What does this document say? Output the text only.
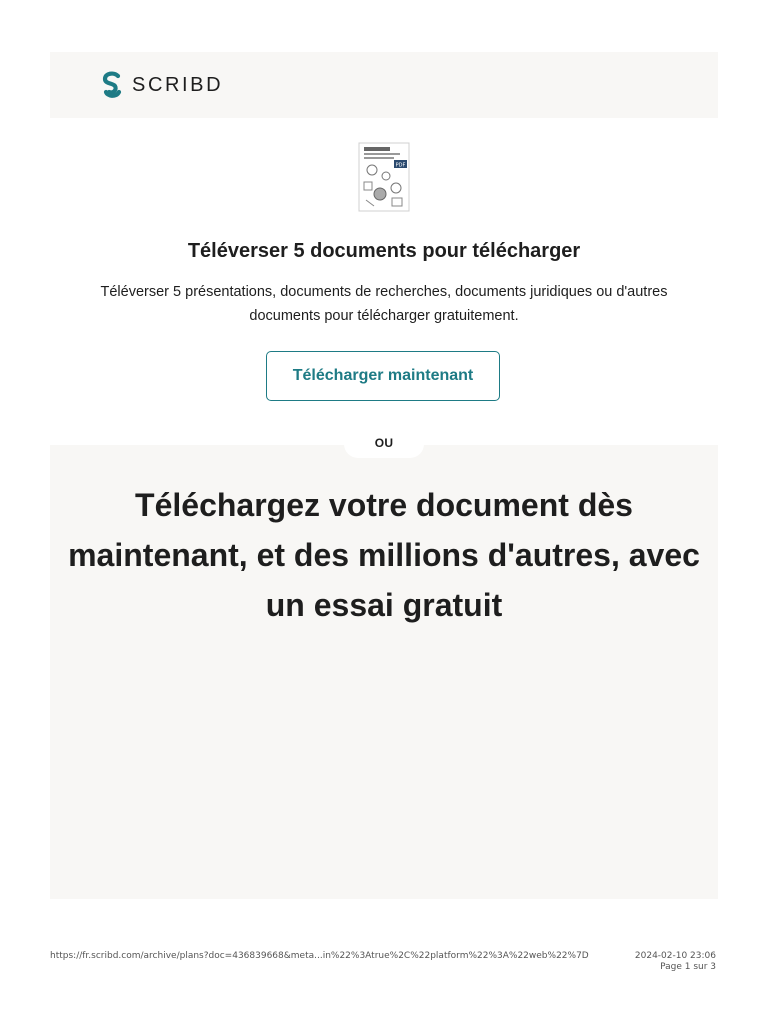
SCRIBD
PDF
Téléverser 5 documents pour télécharger
Téléverser 5 présentations, documents de recherches, documents juridiques ou d'autres documents pour télécharger gratuitement.
Télécharger maintenant
OU
Téléchargez votre document dès maintenant, et des millions d'autres, avec un essai gratuit
https://fr.scribd.com/archive/plans?doc=436839668&meta...in%22%3Atrue%2C%22platform%22%3A%22web%22%7D	2024-02-10 23:06
Page 1 sur 3
